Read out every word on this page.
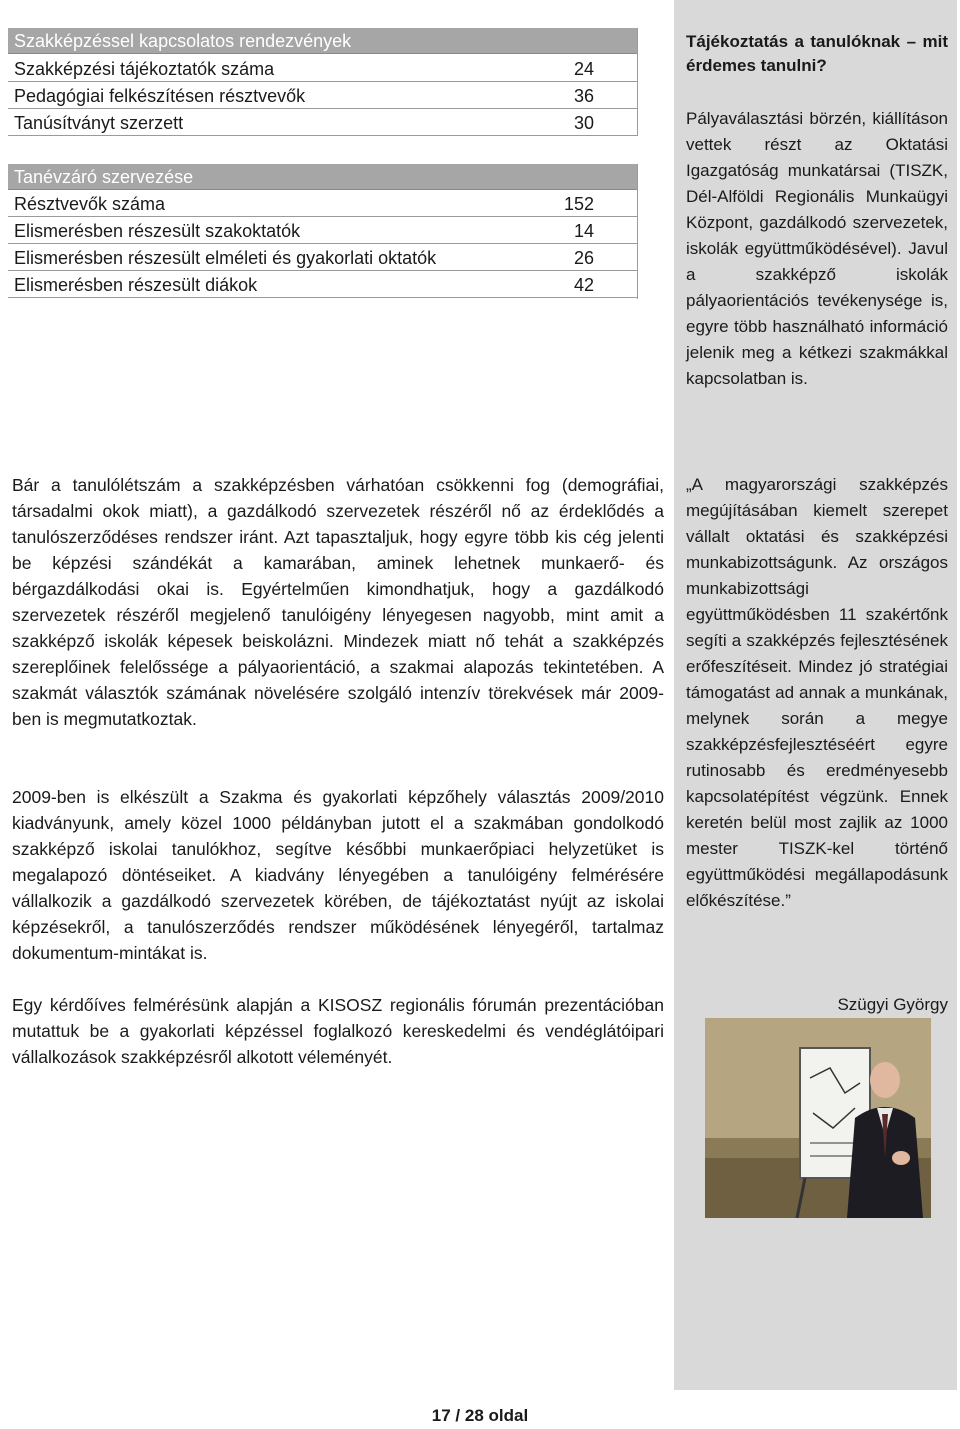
Szakképzéssel kapcsolatos rendezvények
Szakképzési tájékoztatók száma	24
Pedagógiai felkészítésen résztvevők	36
Tanúsítványt szerzett	30
Tanévzáró szervezése
Résztvevők száma	152
Elismerésben részesült szakoktatók	14
Elismerésben részesült elméleti és gyakorlati oktatók	26
Elismerésben részesült diákok	42

Bár a tanulólétszám a szakképzésben várhatóan csökkenni fog (demográfiai, társadalmi okok miatt), a gazdálkodó szervezetek részéről nő az érdeklődés a tanulószerződéses rendszer iránt. Azt tapasztaljuk, hogy egyre több kis cég jelenti be képzési szándékát a kamarában, aminek lehetnek munkaerő- és bérgazdálkodási okai is. Egyértelműen kimondhatjuk, hogy a gazdálkodó szervezetek részéről megjelenő tanulóigény lényegesen nagyobb, mint amit a szakképző iskolák képesek beiskolázni. Mindezek miatt nő tehát a szakképzés szereplőinek felelőssége a pályaorientáció, a szakmai alapozás tekintetében. A szakmát választók számának növelésére szolgáló intenzív törekvések már 2009-ben is megmutatkoztak.

2009-ben is elkészült a Szakma és gyakorlati képzőhely választás 2009/2010 kiadványunk, amely közel 1000 példányban jutott el a szakmában gondolkodó szakképző iskolai tanulókhoz, segítve későbbi munkaerőpiaci helyzetüket is megalapozó döntéseiket. A kiadvány lényegében a tanulóigény felmérésére vállalkozik a gazdálkodó szervezetek körében, de tájékoztatást nyújt az iskolai képzésekről, a tanulószerződés rendszer működésének lényegéről, tartalmaz dokumentum-mintákat is.

Egy kérdőíves felmérésünk alapján a KISOSZ regionális fórumán prezentációban mutattuk be a gyakorlati képzéssel foglalkozó kereskedelmi és vendéglátóipari vállalkozások szakképzésről alkotott véleményét.

Tájékoztatás a tanulóknak – mit érdemes tanulni?

Pályaválasztási börzén, kiállításon vettek részt az Oktatási Igazgatóság munkatársai (TISZK, Dél-Alföldi Regionális Munkaügyi Központ, gazdálkodó szervezetek, iskolák együttműködésével). Javul a szakképző iskolák pályaorientációs tevékenysége is, egyre több használható információ jelenik meg a kétkezi szakmákkal kapcsolatban is.

„A magyarországi szakképzés megújításában kiemelt szerepet vállalt oktatási és szakképzési munkabizottságunk. Az országos munkabizottsági együttműködésben 11 szakértőnk segíti a szakképzés fejlesztésének erőfeszítéseit. Mindez jó stratégiai támogatást ad annak a munkának, melynek során a megye szakképzésfejlesztéséért egyre rutinosabb és eredményesebb kapcsolatépítést végzünk. Ennek keretén belül most zajlik az 1000 mester TISZK-kel történő együttműködési megállapodásunk előkészítése.”

Szügyi György
17 / 28 oldal
